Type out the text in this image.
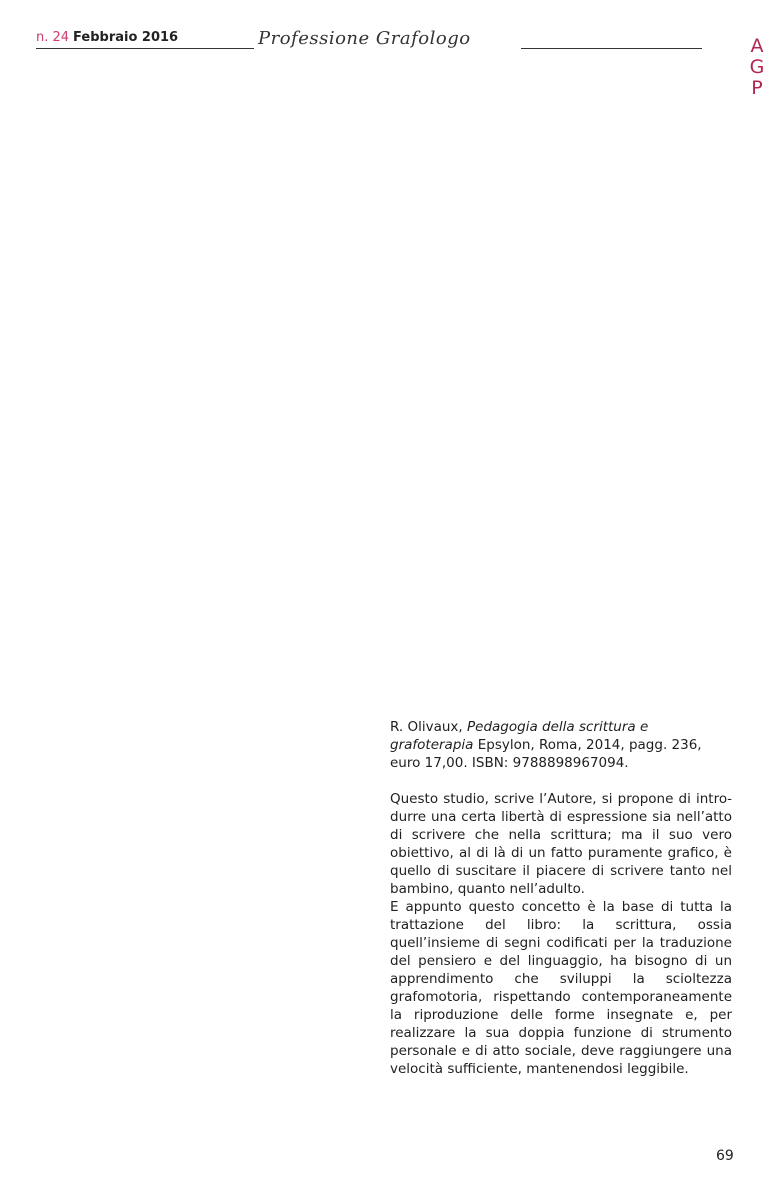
n. 24 Febbraio 2016	Professione Grafologo	A
G
P
R. Olivaux, Pedagogia della scrittura e grafoterapia Epsylon, Roma, 2014, pagg. 236, euro 17,00. ISBN: 9788898967094.

Questo studio, scrive l’Autore, si propone di introdurre una certa libertà di espressione sia nell’atto di scrivere che nella scrittura; ma il suo vero obiettivo, al di là di un fatto puramente grafico, è quello di suscitare il piacere di scrivere tanto nel bambino, quanto nell’adulto.

E appunto questo concetto è la base di tutta la trattazione del libro: la scrittura, ossia quell’insieme di segni codificati per la traduzione del pensiero e del linguaggio, ha bisogno di un apprendimento che sviluppi la scioltezza grafomotoria, rispettando contemporaneamente la riproduzione delle forme insegnate e, per realizzare la sua doppia funzione di strumento personale e di atto sociale, deve raggiungere una velocità sufficiente, mantenendosi leggibile.

69
